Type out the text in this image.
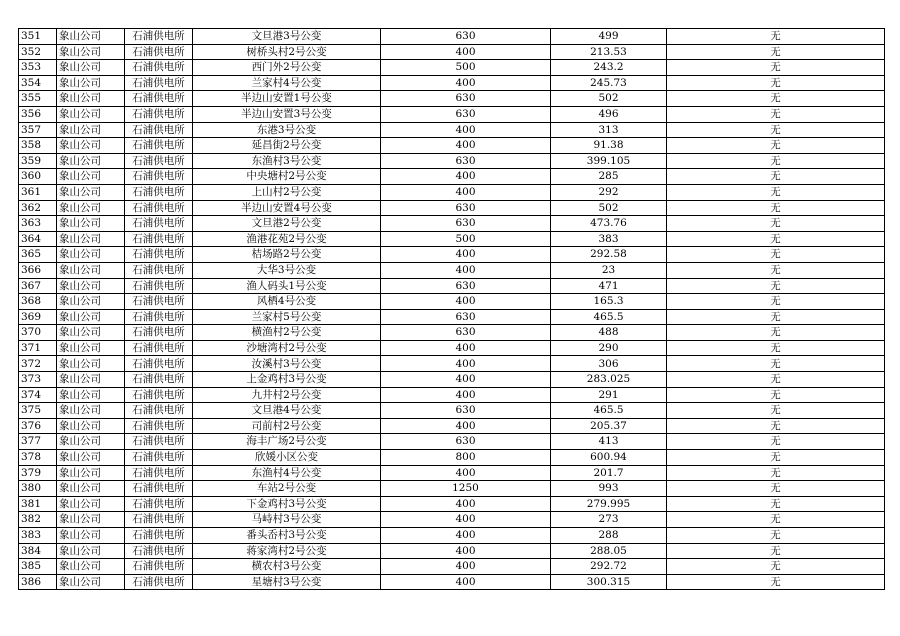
351	象山公司	石浦供电所	文旦港3号公变	630	499	无
352	象山公司	石浦供电所	树桥头村2号公变	400	213.53	无
353	象山公司	石浦供电所	西门外2号公变	500	243.2	无
354	象山公司	石浦供电所	兰家村4号公变	400	245.73	无
355	象山公司	石浦供电所	半边山安置1号公变	630	502	无
356	象山公司	石浦供电所	半边山安置3号公变	630	496	无
357	象山公司	石浦供电所	东港3号公变	400	313	无
358	象山公司	石浦供电所	延昌街2号公变	400	91.38	无
359	象山公司	石浦供电所	东渔村3号公变	630	399.105	无
360	象山公司	石浦供电所	中央塘村2号公变	400	285	无
361	象山公司	石浦供电所	上山村2号公变	400	292	无
362	象山公司	石浦供电所	半边山安置4号公变	630	502	无
363	象山公司	石浦供电所	文旦港2号公变	630	473.76	无
364	象山公司	石浦供电所	渔港花苑2号公变	500	383	无
365	象山公司	石浦供电所	桔场路2号公变	400	292.58	无
366	象山公司	石浦供电所	大华3号公变	400	23	无
367	象山公司	石浦供电所	渔人码头1号公变	630	471	无
368	象山公司	石浦供电所	风栖4号公变	400	165.3	无
369	象山公司	石浦供电所	兰家村5号公变	630	465.5	无
370	象山公司	石浦供电所	横渔村2号公变	630	488	无
371	象山公司	石浦供电所	沙塘湾村2号公变	400	290	无
372	象山公司	石浦供电所	汝溪村3号公变	400	306	无
373	象山公司	石浦供电所	上金鸡村3号公变	400	283.025	无
374	象山公司	石浦供电所	九井村2号公变	400	291	无
375	象山公司	石浦供电所	文旦港4号公变	630	465.5	无
376	象山公司	石浦供电所	司前村2号公变	400	205.37	无
377	象山公司	石浦供电所	海丰广场2号公变	630	413	无
378	象山公司	石浦供电所	欣媛小区公变	800	600.94	无
379	象山公司	石浦供电所	东渔村4号公变	400	201.7	无
380	象山公司	石浦供电所	车站2号公变	1250	993	无
381	象山公司	石浦供电所	下金鸡村3号公变	400	279.995	无
382	象山公司	石浦供电所	马峙村3号公变	400	273	无
383	象山公司	石浦供电所	番头岙村3号公变	400	288	无
384	象山公司	石浦供电所	蒋家湾村2号公变	400	288.05	无
385	象山公司	石浦供电所	横农村3号公变	400	292.72	无
386	象山公司	石浦供电所	星塘村3号公变	400	300.315	无
